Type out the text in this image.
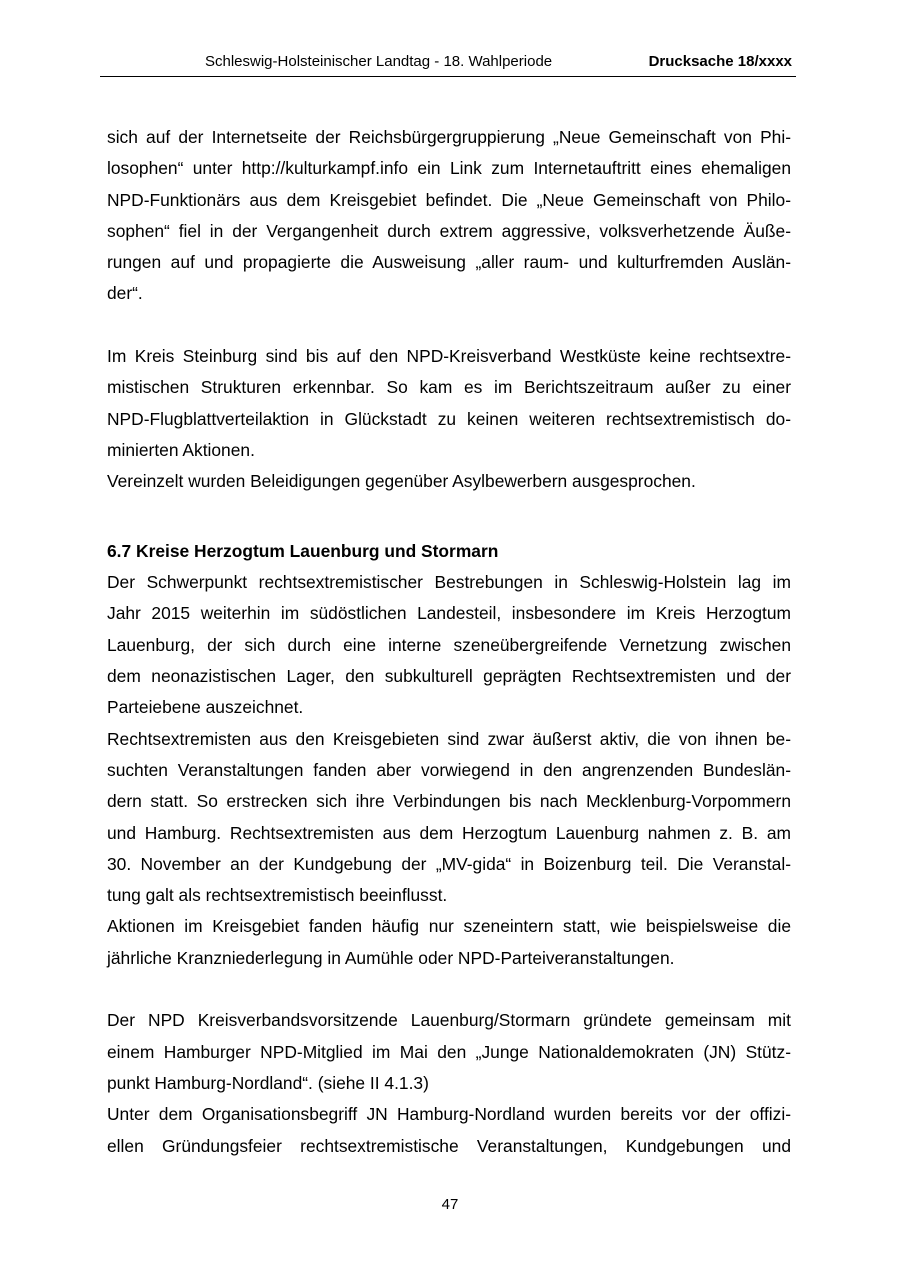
Schleswig-Holsteinischer Landtag - 18. Wahlperiode	Drucksache 18/xxxx
sich auf der Internetseite der Reichsbürgergruppierung „Neue Gemeinschaft von Phi-
losophen“ unter http://kulturkampf.info ein Link zum Internetauftritt eines ehemaligen
NPD-Funktionärs aus dem Kreisgebiet befindet. Die „Neue Gemeinschaft von Philo-
sophen“ fiel in der Vergangenheit durch extrem aggressive, volksverhetzende Äuße-
rungen auf und propagierte die Ausweisung „aller raum- und kulturfremden Auslän-
der“.
Im Kreis Steinburg sind bis auf den NPD-Kreisverband Westküste keine rechtsextre-
mistischen Strukturen erkennbar. So kam es im Berichtszeitraum außer zu einer
NPD-Flugblattverteilaktion in Glückstadt zu keinen weiteren rechtsextremistisch do-
minierten Aktionen.
Vereinzelt wurden Beleidigungen gegenüber Asylbewerbern ausgesprochen.
6.7 Kreise Herzogtum Lauenburg und Stormarn
Der Schwerpunkt rechtsextremistischer Bestrebungen in Schleswig-Holstein lag im
Jahr 2015 weiterhin im südöstlichen Landesteil, insbesondere im Kreis Herzogtum
Lauenburg, der sich durch eine interne szeneübergreifende Vernetzung zwischen
dem neonazistischen Lager, den subkulturell geprägten Rechtsextremisten und der
Parteiebene auszeichnet.
Rechtsextremisten aus den Kreisgebieten sind zwar äußerst aktiv, die von ihnen be-
suchten Veranstaltungen fanden aber vorwiegend in den angrenzenden Bundeslän-
dern statt. So erstrecken sich ihre Verbindungen bis nach Mecklenburg-Vorpommern
und Hamburg. Rechtsextremisten aus dem Herzogtum Lauenburg nahmen z. B. am
30. November an der Kundgebung der „MV-gida“ in Boizenburg teil. Die Veranstal-
tung galt als rechtsextremistisch beeinflusst.
Aktionen im Kreisgebiet fanden häufig nur szeneintern statt, wie beispielsweise die
jährliche Kranzniederlegung in Aumühle oder NPD-Parteiveranstaltungen.
Der NPD Kreisverbandsvorsitzende Lauenburg/Stormarn gründete gemeinsam mit
einem Hamburger NPD-Mitglied im Mai den „Junge Nationaldemokraten (JN) Stütz-
punkt Hamburg-Nordland“. (siehe II 4.1.3)
Unter dem Organisationsbegriff JN Hamburg-Nordland wurden bereits vor der offizi-
ellen Gründungsfeier rechtsextremistische Veranstaltungen, Kundgebungen und
47
